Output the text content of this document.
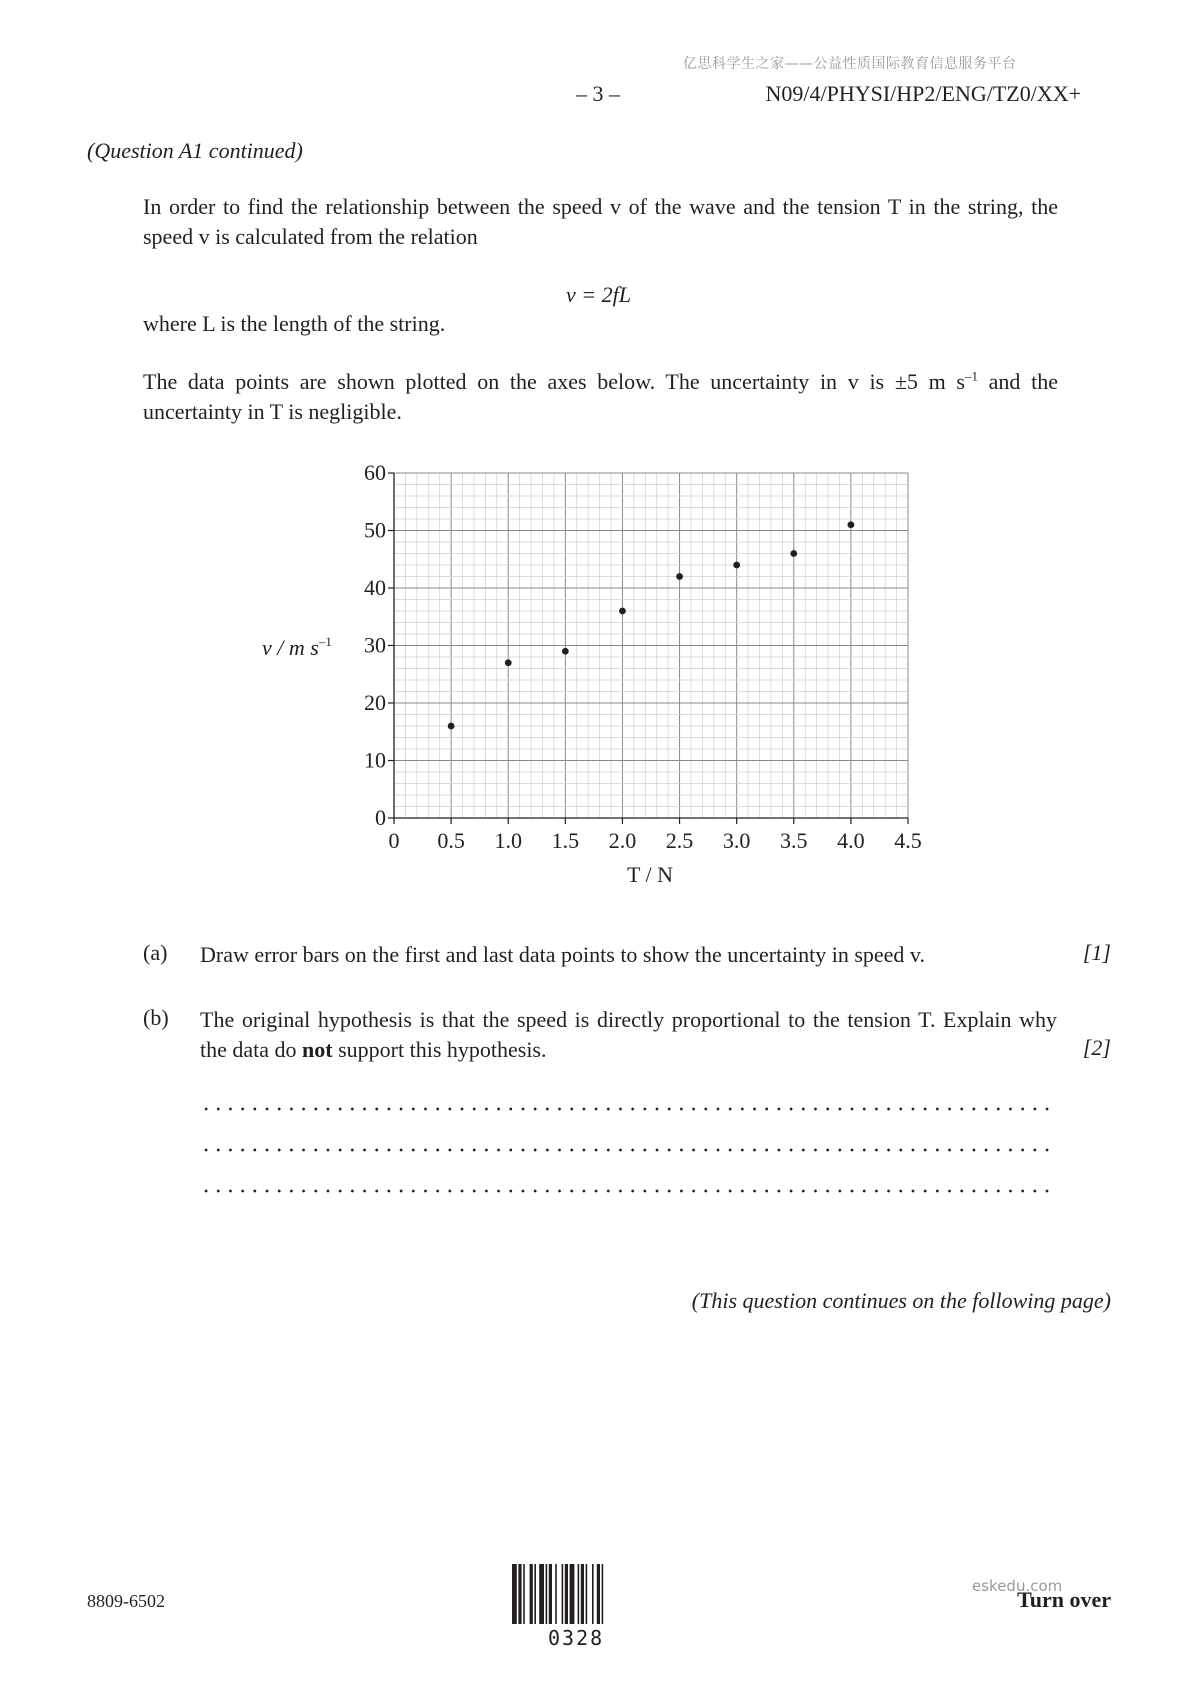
亿思科学生之家——公益性质国际教育信息服务平台
– 3 –	N09/4/PHYSI/HP2/ENG/TZ0/XX+
(Question A1 continued)
In order to find the relationship between the speed v of the wave and the tension T in the string, the speed v is calculated from the relation
v = 2fL
where L is the length of the string.
The data points are shown plotted on the axes below. The uncertainty in v is ±5 m $s^{-1}$ and the uncertainty in T is negligible.
0 0.5 1.0 1.5 2.0 2.5 3.0 3.5 4.0 4.5
0
10
20
30
40
50
60
v / m $s^{-1}$
T / N
(a) Draw error bars on the first and last data points to show the uncertainty in speed v.	[1]
(b) The original hypothesis is that the speed is directly proportional to the tension T. Explain why the data do not support this hypothesis.	[2]
(This question continues on the following page)
8809-6502
0328
eskedu.com
Turn over
